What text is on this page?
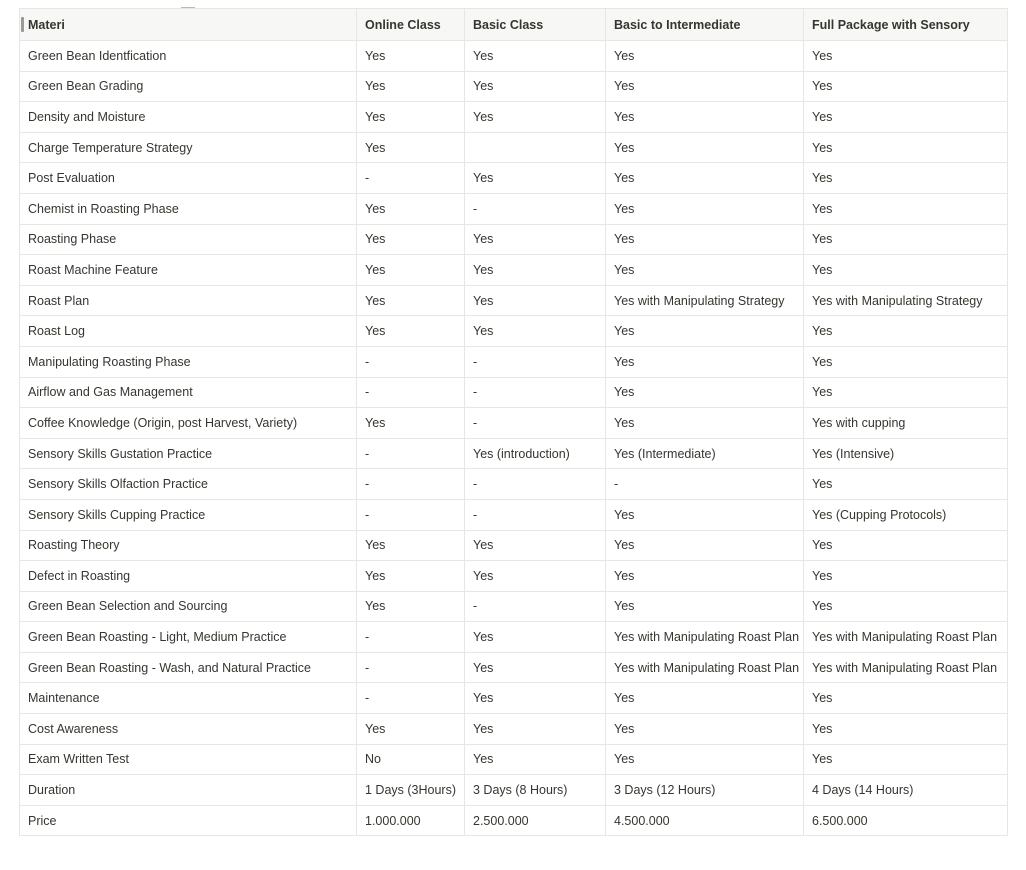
Materi	Online Class	Basic Class	Basic to Intermediate	Full Package with Sensory
Green Bean Identfication	Yes	Yes	Yes	Yes
Green Bean Grading	Yes	Yes	Yes	Yes
Density and Moisture	Yes	Yes	Yes	Yes
Charge Temperature Strategy	Yes		Yes	Yes
Post Evaluation	-	Yes	Yes	Yes
Chemist in Roasting Phase	Yes	-	Yes	Yes
Roasting Phase	Yes	Yes	Yes	Yes
Roast Machine Feature	Yes	Yes	Yes	Yes
Roast Plan	Yes	Yes	Yes with Manipulating Strategy	Yes with Manipulating Strategy
Roast Log	Yes	Yes	Yes	Yes
Manipulating Roasting Phase	-	-	Yes	Yes
Airflow and Gas Management	-	-	Yes	Yes
Coffee Knowledge (Origin, post Harvest, Variety)	Yes	-	Yes	Yes with cupping
Sensory Skills Gustation Practice	-	Yes (introduction)	Yes (Intermediate)	Yes (Intensive)
Sensory Skills Olfaction Practice	-	-	-	Yes
Sensory Skills Cupping Practice	-	-	Yes	Yes (Cupping Protocols)
Roasting Theory	Yes	Yes	Yes	Yes
Defect in Roasting	Yes	Yes	Yes	Yes
Green Bean Selection and Sourcing	Yes	-	Yes	Yes
Green Bean Roasting - Light, Medium Practice	-	Yes	Yes with Manipulating Roast Plan	Yes with Manipulating Roast Plan
Green Bean Roasting - Wash, and Natural Practice	-	Yes	Yes with Manipulating Roast Plan	Yes with Manipulating Roast Plan
Maintenance	-	Yes	Yes	Yes
Cost Awareness	Yes	Yes	Yes	Yes
Exam Written Test	No	Yes	Yes	Yes
Duration	1 Days (3Hours)	3 Days (8 Hours)	3 Days (12 Hours)	4 Days (14 Hours)
Price	1.000.000	2.500.000	4.500.000	6.500.000
